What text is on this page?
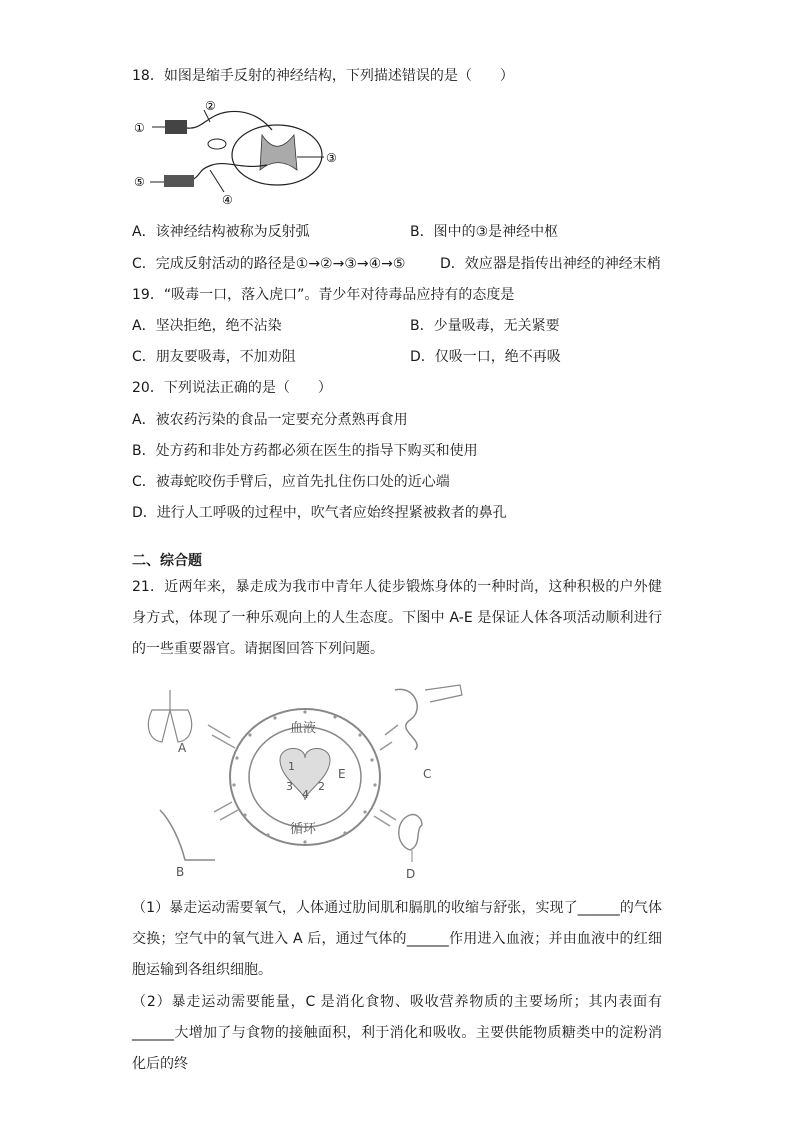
18．如图是缩手反射的神经结构，下列描述错误的是（　　）
①
②
③
④
⑤
A．该神经结构被称为反射弧	B．图中的③是神经中枢
C．完成反射活动的路径是①→②→③→④→⑤ D．效应器是指传出神经的神经末梢
19．“吸毒一口，落入虎口”。青少年对待毒品应持有的态度是
A．坚决拒绝，绝不沾染	B．少量吸毒，无关紧要
C．朋友要吸毒，不加劝阻	D．仅吸一口，绝不再吸
20．下列说法正确的是（　　）
A．被农药污染的食品一定要充分煮熟再食用
B．处方药和非处方药都必须在医生的指导下购买和使用
C．被毒蛇咬伤手臂后，应首先扎住伤口处的近心端
D．进行人工呼吸的过程中，吹气者应始终捏紧被救者的鼻孔
二、综合题
21．近两年来，暴走成为我市中青年人徒步锻炼身体的一种时尚，这种积极的户外健身方式，体现了一种乐观向上的人生态度。下图中 A-E 是保证人体各项活动顺利进行的一些重要器官。请据图回答下列问题。
血液
循环
1
2
3
4
E
A
B
C
D
（1）暴走运动需要氧气，人体通过肋间肌和膈肌的收缩与舒张，实现了______的气体交换；空气中的氧气进入 A 后，通过气体的______作用进入血液；并由血液中的红细胞运输到各组织细胞。
（2）暴走运动需要能量，C 是消化食物、吸收营养物质的主要场所；其内表面有______大增加了与食物的接触面积，利于消化和吸收。主要供能物质糖类中的淀粉消化后的终
